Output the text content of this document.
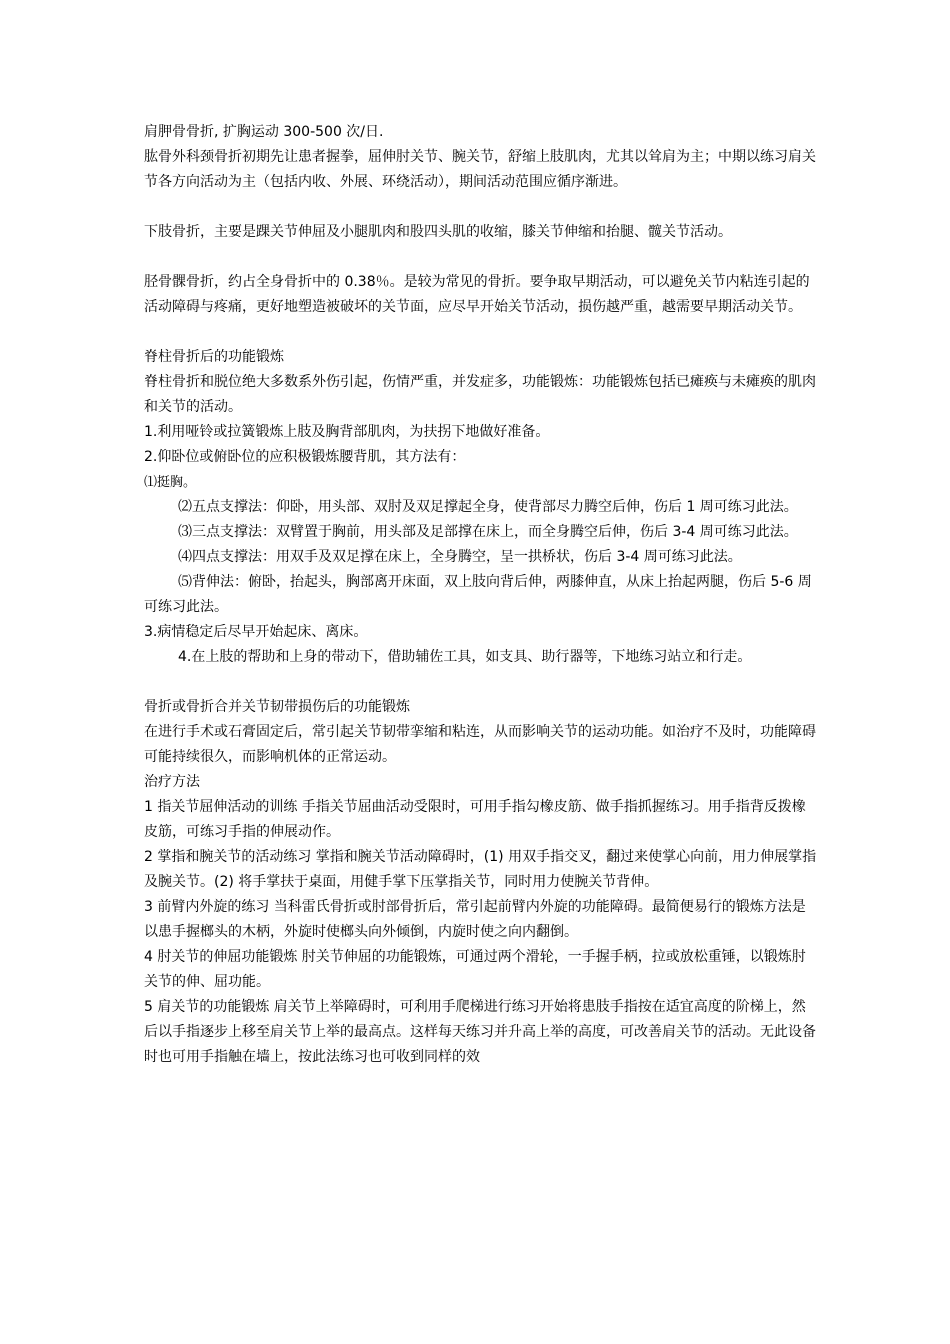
肩胛骨骨折, 扩胸运动 300-500 次/日.

肱骨外科颈骨折初期先让患者握拳，屈伸肘关节、腕关节，舒缩上肢肌肉，尤其以耸肩为主；中期以练习肩关节各方向活动为主（包括内收、外展、环绕活动），期间活动范围应循序渐进。

下肢骨折，主要是踝关节伸屈及小腿肌肉和股四头肌的收缩，膝关节伸缩和抬腿、髋关节活动。

胫骨髁骨折，约占全身骨折中的 0.38％。是较为常见的骨折。要争取早期活动，可以避免关节内粘连引起的活动障碍与疼痛，更好地塑造被破坏的关节面，应尽早开始关节活动，损伤越严重，越需要早期活动关节。

脊柱骨折后的功能锻炼

脊柱骨折和脱位绝大多数系外伤引起，伤情严重，并发症多，功能锻炼：功能锻炼包括已瘫痪与未瘫痪的肌肉和关节的活动。

1.利用哑铃或拉簧锻炼上肢及胸背部肌肉，为扶拐下地做好准备。

2.仰卧位或俯卧位的应积极锻炼腰背肌，其方法有：

⑴挺胸。

⑵五点支撑法：仰卧，用头部、双肘及双足撑起全身，使背部尽力腾空后伸，伤后 1 周可练习此法。

⑶三点支撑法：双臂置于胸前，用头部及足部撑在床上，而全身腾空后伸，伤后 3-4 周可练习此法。

⑷四点支撑法：用双手及双足撑在床上，全身腾空，呈一拱桥状，伤后 3-4 周可练习此法。

⑸背伸法：俯卧，抬起头，胸部离开床面，双上肢向背后伸，两膝伸直，从床上抬起两腿，伤后 5-6 周可练习此法。

3.病情稳定后尽早开始起床、离床。

4.在上肢的帮助和上身的带动下，借助辅佐工具，如支具、助行器等，下地练习站立和行走。

骨折或骨折合并关节韧带损伤后的功能锻炼

在进行手术或石膏固定后，常引起关节韧带挛缩和粘连，从而影响关节的运动功能。如治疗不及时，功能障碍可能持续很久，而影响机体的正常运动。

治疗方法

1 指关节屈伸活动的训练 手指关节屈曲活动受限时，可用手指勾橡皮筋、做手指抓握练习。用手指背反拨橡皮筋，可练习手指的伸展动作。

2 掌指和腕关节的活动练习 掌指和腕关节活动障碍时，(1) 用双手指交叉，翻过来使掌心向前，用力伸展掌指及腕关节。(2) 将手掌扶于桌面，用健手掌下压掌指关节，同时用力使腕关节背伸。

3 前臂内外旋的练习 当科雷氏骨折或肘部骨折后，常引起前臂内外旋的功能障碍。最简便易行的锻炼方法是以患手握榔头的木柄，外旋时使榔头向外倾倒，内旋时使之向内翻倒。

4 肘关节的伸屈功能锻炼 肘关节伸屈的功能锻炼，可通过两个滑轮，一手握手柄，拉或放松重锤，以锻炼肘关节的伸、屈功能。

5 肩关节的功能锻炼 肩关节上举障碍时，可利用手爬梯进行练习开始将患肢手指按在适宜高度的阶梯上，然后以手指逐步上移至肩关节上举的最高点。这样每天练习并升高上举的高度，可改善肩关节的活动。无此设备时也可用手指触在墙上，按此法练习也可收到同样的效
